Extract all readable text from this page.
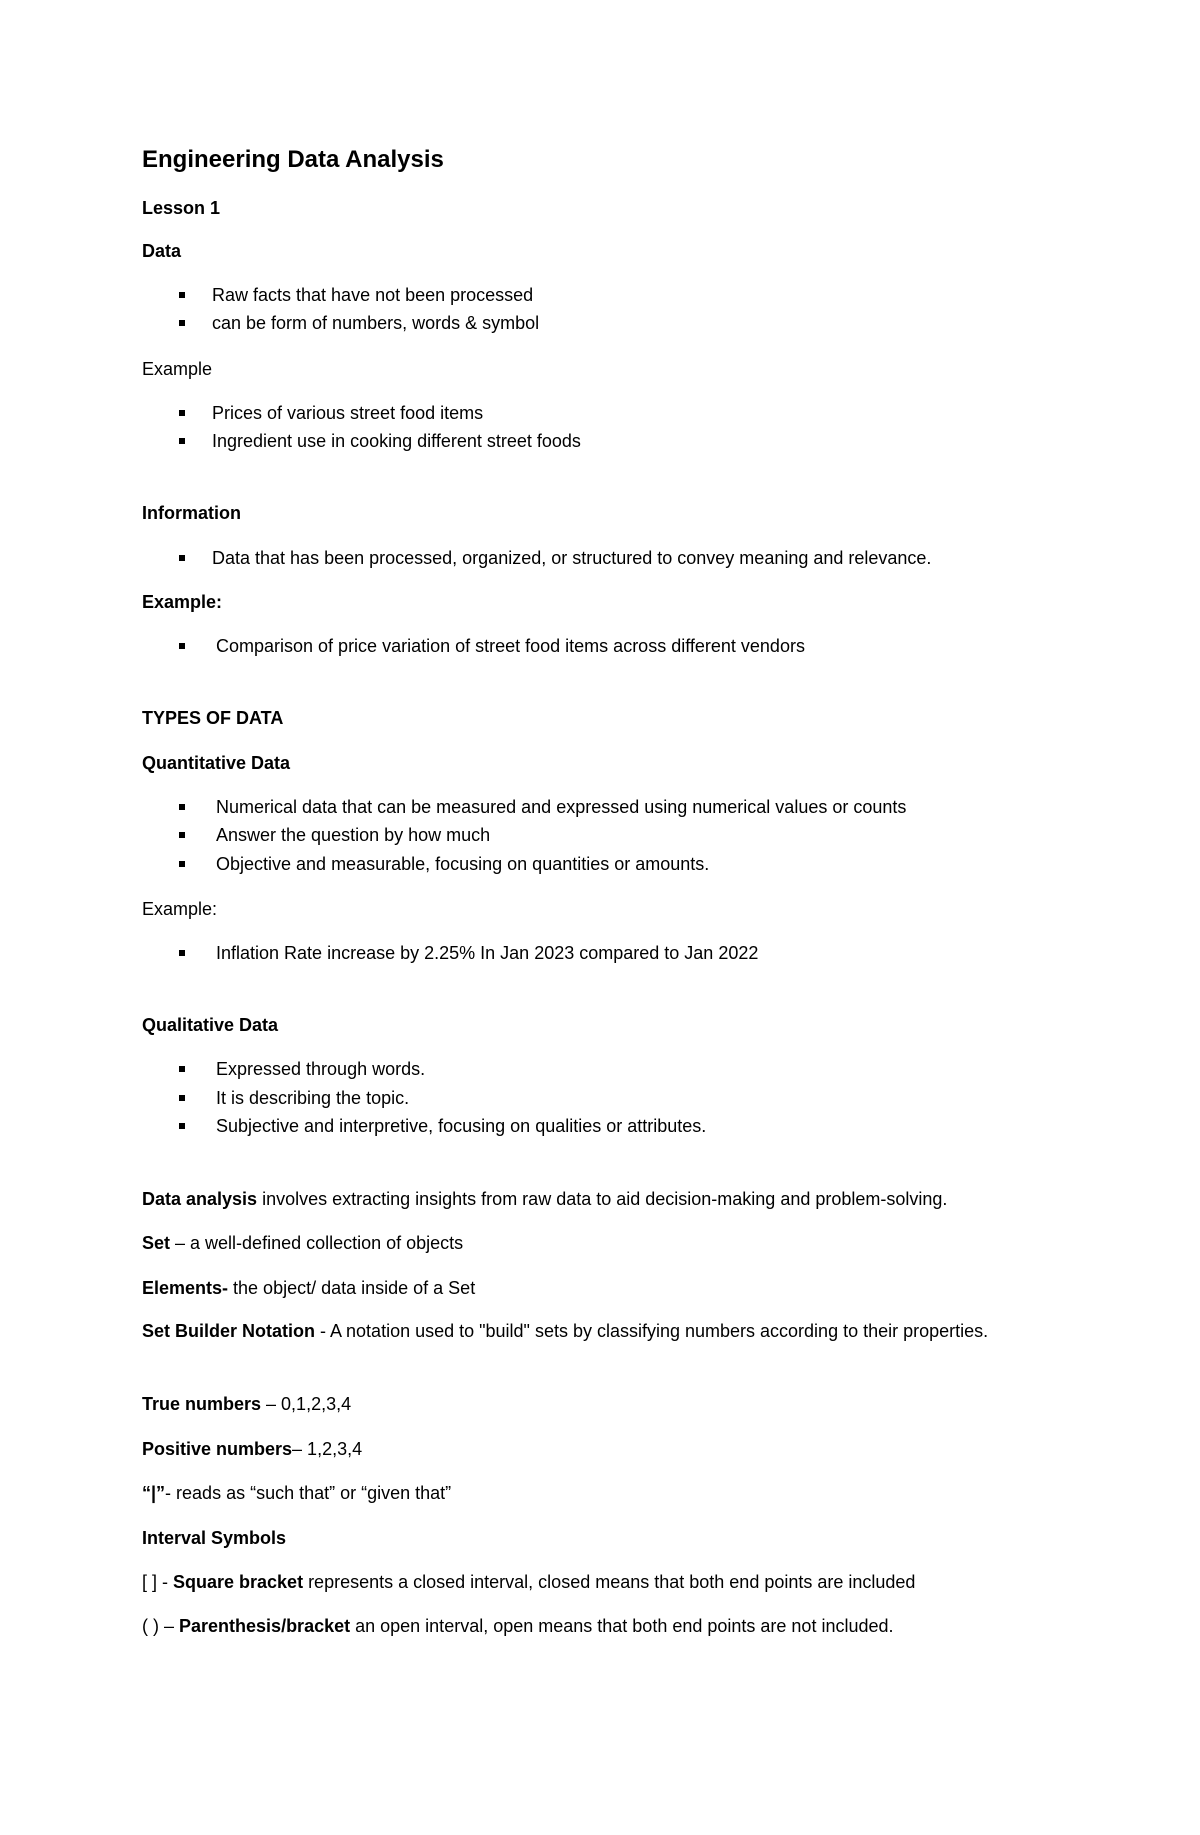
Engineering Data Analysis
Lesson 1
Data
Raw facts that have not been processed
can be form of numbers, words & symbol
Example
Prices of various street food items
Ingredient use in cooking different street foods
Information
Data that has been processed, organized, or structured to convey meaning and relevance.
Example:
Comparison of price variation of street food items across different vendors
TYPES OF DATA
Quantitative Data
Numerical data that can be measured and expressed using numerical values or counts
Answer the question by how much
Objective and measurable, focusing on quantities or amounts.
Example:
Inflation Rate increase by 2.25% In Jan 2023 compared to Jan 2022
Qualitative Data
Expressed through words.
It is describing the topic.
Subjective and interpretive, focusing on qualities or attributes.
Data analysis involves extracting insights from raw data to aid decision-making and problem-solving.
Set – a well-defined collection of objects
Elements- the object/ data inside of a Set
Set Builder Notation - A notation used to "build" sets by classifying numbers according to their properties.
True numbers – 0,1,2,3,4
Positive numbers– 1,2,3,4
“|”- reads as “such that” or “given that”
Interval Symbols
[ ] - Square bracket represents a closed interval, closed means that both end points are included
( ) – Parenthesis/bracket an open interval, open means that both end points are not included.
